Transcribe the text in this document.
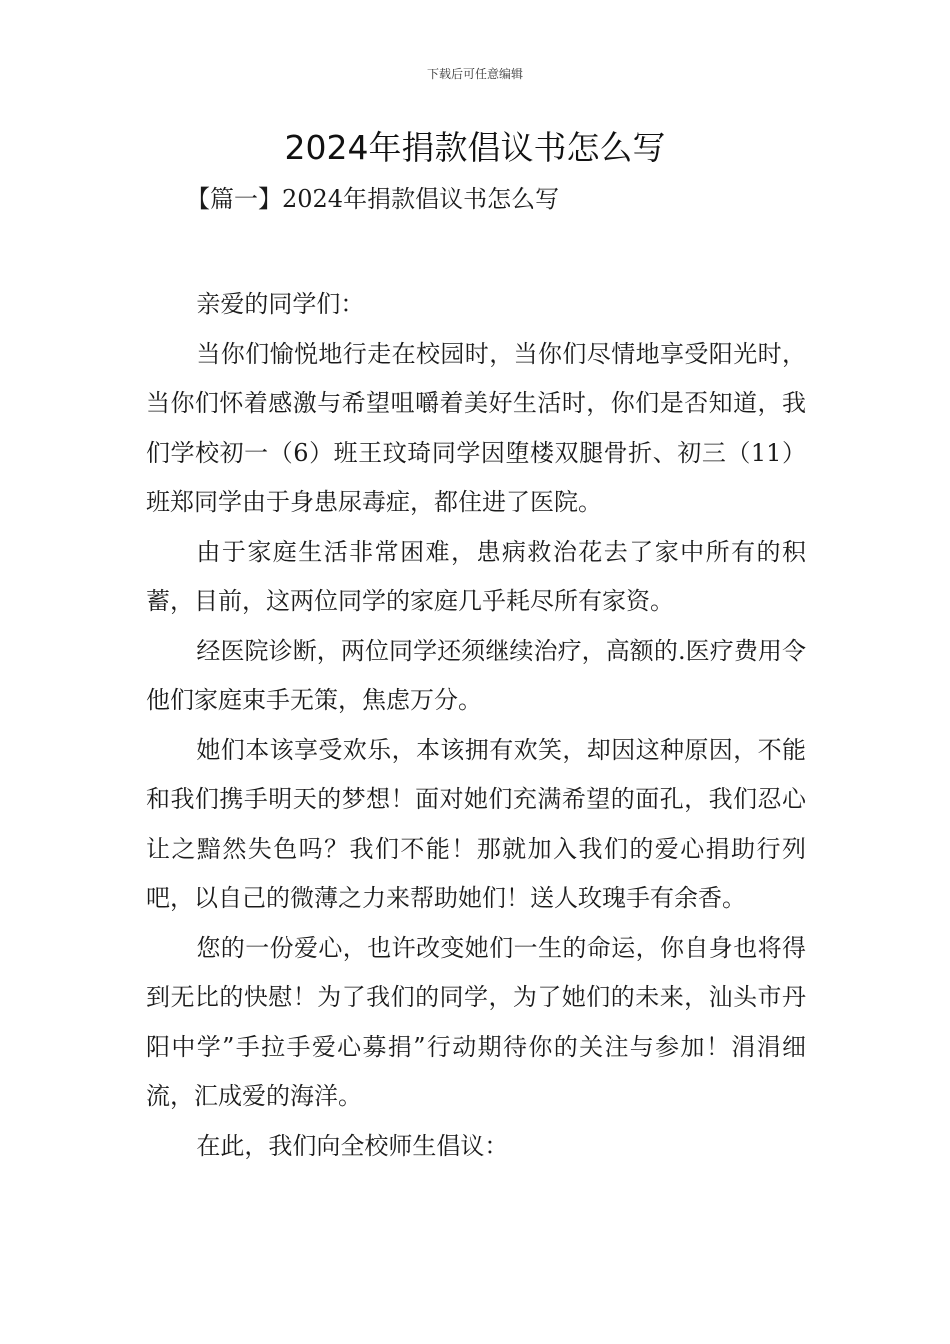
下载后可任意编辑
2024年捐款倡议书怎么写
【篇一】2024年捐款倡议书怎么写

亲爱的同学们：

当你们愉悦地行走在校园时，当你们尽情地享受阳光时，当你们怀着感激与希望咀嚼着美好生活时，你们是否知道，我们学校初一（6）班王玟琦同学因堕楼双腿骨折、初三（11）班郑同学由于身患尿毒症，都住进了医院。

由于家庭生活非常困难，患病救治花去了家中所有的积蓄，目前，这两位同学的家庭几乎耗尽所有家资。

经医院诊断，两位同学还须继续治疗，高额的.医疗费用令他们家庭束手无策，焦虑万分。

她们本该享受欢乐，本该拥有欢笑，却因这种原因，不能和我们携手明天的梦想！面对她们充满希望的面孔，我们忍心让之黯然失色吗？我们不能！那就加入我们的爱心捐助行列吧，以自己的微薄之力来帮助她们！送人玫瑰手有余香。

您的一份爱心，也许改变她们一生的命运，你自身也将得到无比的快慰！为了我们的同学，为了她们的未来，汕头市丹阳中学”手拉手爱心募捐”行动期待你的关注与参加！涓涓细流，汇成爱的海洋。

在此，我们向全校师生倡议：
